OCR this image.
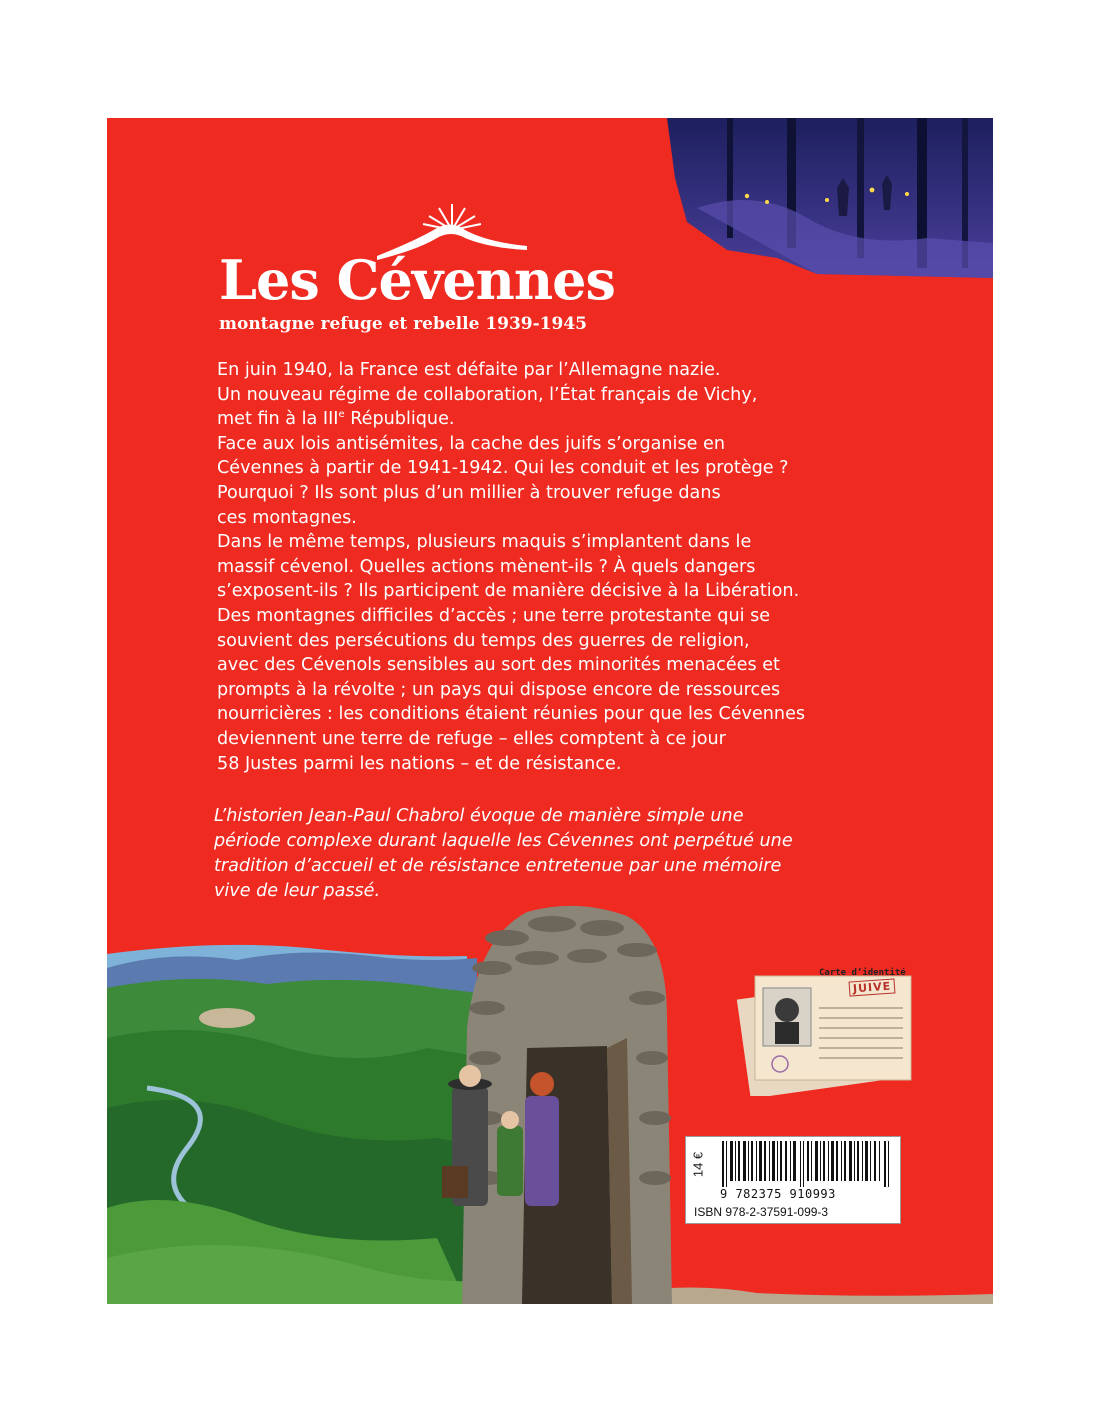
Les Cévennes
montagne refuge et rebelle 1939-1945
En juin 1940, la France est défaite par l’Allemagne nazie.
Un nouveau régime de collaboration, l’État français de Vichy,
met fin à la IIIe République.
Face aux lois antisémites, la cache des juifs s’organise en
Cévennes à partir de 1941-1942. Qui les conduit et les protège ?
Pourquoi ? Ils sont plus d’un millier à trouver refuge dans
ces montagnes.
Dans le même temps, plusieurs maquis s’implantent dans le
massif cévenol. Quelles actions mènent-ils ? À quels dangers
s’exposent-ils ? Ils participent de manière décisive à la Libération.
Des montagnes difficiles d’accès ; une terre protestante qui se
souvient des persécutions du temps des guerres de religion,
avec des Cévenols sensibles au sort des minorités menacées et
prompts à la révolte ; un pays qui dispose encore de ressources
nourricières : les conditions étaient réunies pour que les Cévennes
deviennent une terre de refuge – elles comptent à ce jour
58 Justes parmi les nations – et de résistance.
L’historien Jean-Paul Chabrol évoque de manière simple une
période complexe durant laquelle les Cévennes ont perpétué une
tradition d’accueil et de résistance entretenue par une mémoire
vive de leur passé.
Carte d’identité
JUIVE
14 €
9 782375 910993
ISBN 978-2-37591-099-3
